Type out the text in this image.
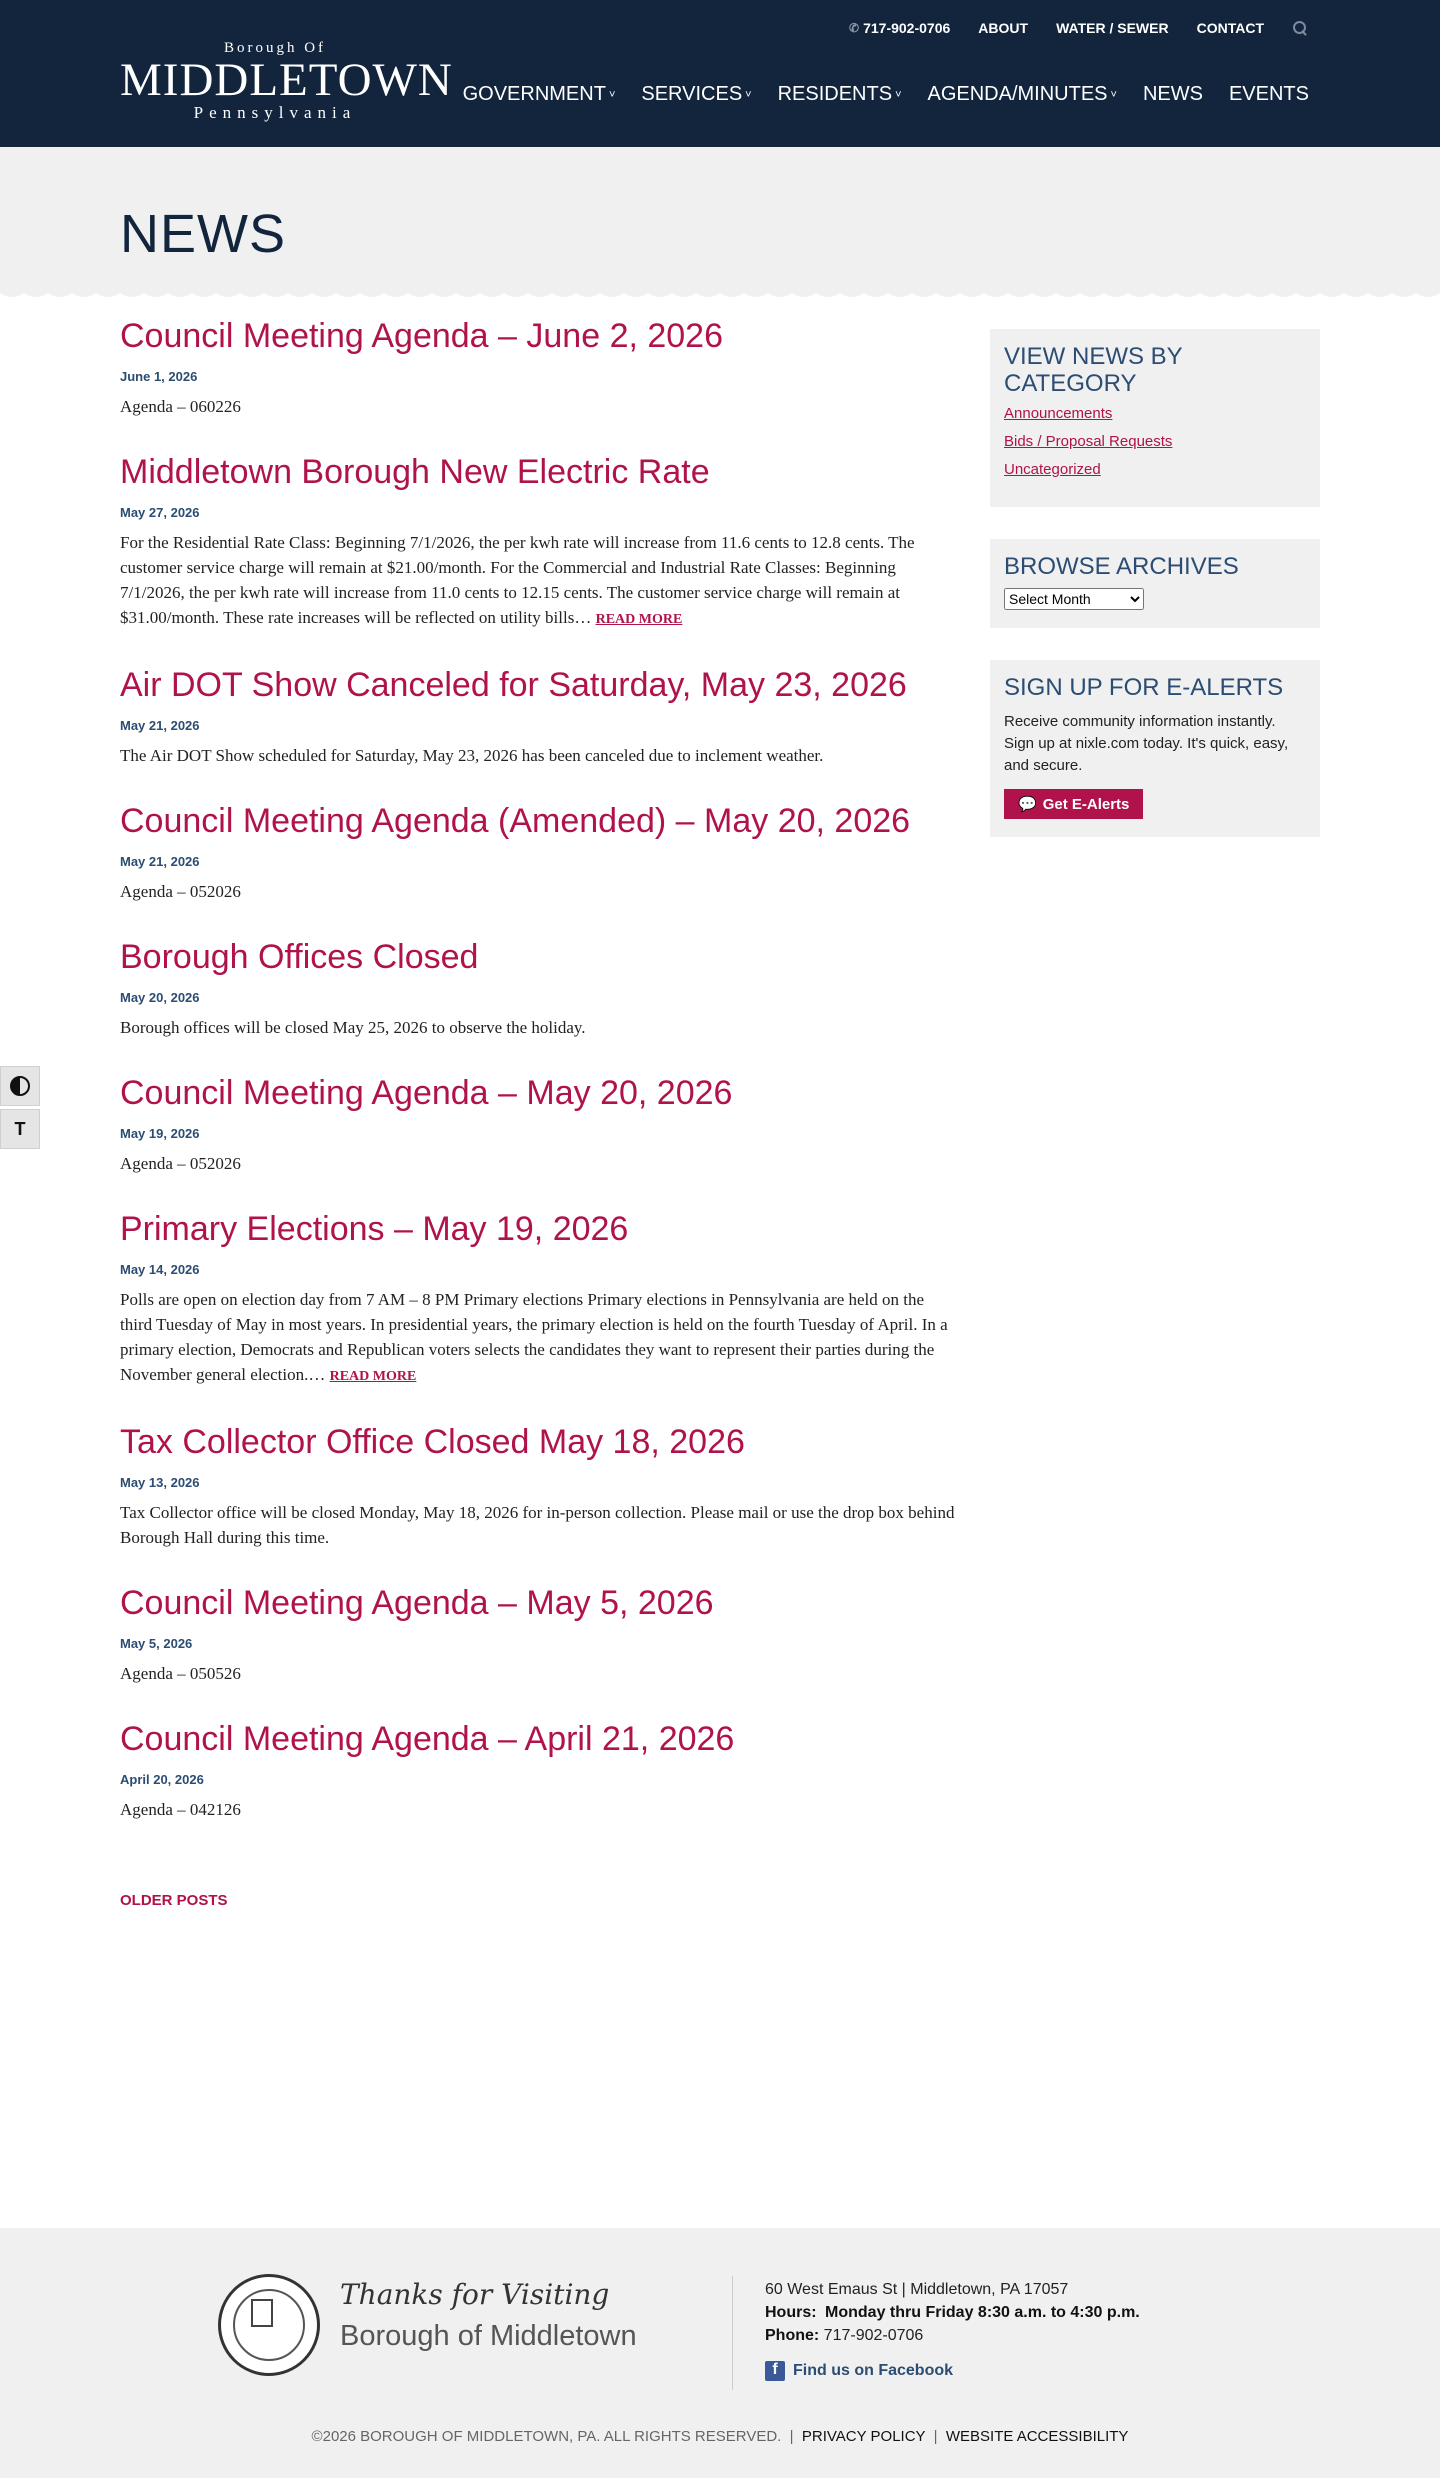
Borough Of
MIDDLETOWN
Pennsylvania
✆ 717-902-0706 ABOUT WATER / SEWER CONTACT
GOVERNMENT ˅ SERVICES ˅ RESIDENTS ˅ AGENDA/MINUTES ˅ NEWS EVENTS
NEWS
Council Meeting Agenda – June 2, 2026
June 1, 2026
Agenda – 060226
Middletown Borough New Electric Rate
May 27, 2026
For the Residential Rate Class: Beginning 7/1/2026, the per kwh rate will increase from 11.6 cents to 12.8 cents. The customer service charge will remain at $21.00/month. For the Commercial and Industrial Rate Classes: Beginning 7/1/2026, the per kwh rate will increase from 11.0 cents to 12.15 cents. The customer service charge will remain at $31.00/month. These rate increases will be reflected on utility bills… READ MORE
Air DOT Show Canceled for Saturday, May 23, 2026
May 21, 2026
The Air DOT Show scheduled for Saturday, May 23, 2026 has been canceled due to inclement weather.
Council Meeting Agenda (Amended) – May 20, 2026
May 21, 2026
Agenda – 052026
Borough Offices Closed
May 20, 2026
Borough offices will be closed May 25, 2026 to observe the holiday.
Council Meeting Agenda – May 20, 2026
May 19, 2026
Agenda – 052026
Primary Elections – May 19, 2026
May 14, 2026
Polls are open on election day from 7 AM – 8 PM Primary elections Primary elections in Pennsylvania are held on the third Tuesday of May in most years. In presidential years, the primary election is held on the fourth Tuesday of April. In a primary election, Democrats and Republican voters selects the candidates they want to represent their parties during the November general election.… READ MORE
Tax Collector Office Closed May 18, 2026
May 13, 2026
Tax Collector office will be closed Monday, May 18, 2026 for in-person collection. Please mail or use the drop box behind Borough Hall during this time.
Council Meeting Agenda – May 5, 2026
May 5, 2026
Agenda – 050526
Council Meeting Agenda – April 21, 2026
April 20, 2026
Agenda – 042126
OLDER POSTS
VIEW NEWS BY CATEGORY
Announcements
Bids / Proposal Requests
Uncategorized
BROWSE ARCHIVES
Select Month
SIGN UP FOR E-ALERTS

Receive community information instantly. Sign up at nixle.com today. It's quick, easy, and secure.

💬 Get E-Alerts
T
Thanks for Visiting
Borough of Middletown
60 West Emaus St | Middletown, PA 17057
Hours: Monday thru Friday 8:30 a.m. to 4:30 p.m.
Phone: 717-902-0706
f Find us on Facebook
©2026 BOROUGH OF MIDDLETOWN, PA. ALL RIGHTS RESERVED.  |  PRIVACY POLICY  |  WEBSITE ACCESSIBILITY
